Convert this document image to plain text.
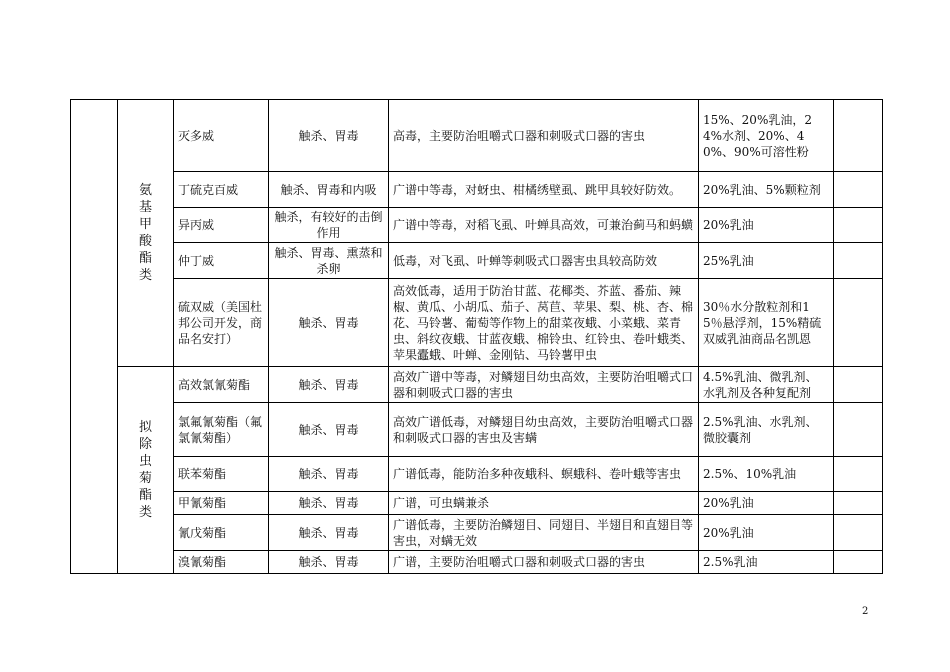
	氨基甲酸酯类	灭多威	触杀、胃毒	高毒，主要防治咀嚼式口器和刺吸式口器的害虫	15%、20%乳油，24%水剂、20%、40%、90%可溶性粉	
		丁硫克百威	触杀、胃毒和内吸	广谱中等毒，对蚜虫、柑橘绣壁虱、跳甲具较好防效。	20%乳油、5%颗粒剂	
		异丙威	触杀，有较好的击倒作用	广谱中等毒，对稻飞虱、叶蝉具高效，可兼治蓟马和蚂蟥	20%乳油	
		仲丁威	触杀、胃毒、熏蒸和杀卵	低毒，对飞虱、叶蝉等刺吸式口器害虫具较高防效	25%乳油	
		硫双威（美国杜邦公司开发，商品名安打）	触杀、胃毒	高效低毒，适用于防治甘蓝、花椰类、芥蓝、番茄、辣椒、黄瓜、小胡瓜、茄子、莴苣、苹果、梨、桃、杏、棉花、马铃薯、葡萄等作物上的甜菜夜蛾、小菜蛾、菜青虫、斜纹夜蛾、甘蓝夜蛾、棉铃虫、红铃虫、卷叶蛾类、苹果蠹蛾、叶蝉、金刚钻、马铃薯甲虫	30％水分散粒剂和15％悬浮剂，15%精硫双威乳油商品名凯恩	
	拟除虫菊酯类	高效氯氰菊酯	触杀、胃毒	高效广谱中等毒，对鳞翅目幼虫高效，主要防治咀嚼式口器和刺吸式口器的害虫	4.5%乳油、微乳剂、水乳剂及各种复配剂	
		氯氟氰菊酯（氟氯氰菊酯）	触杀、胃毒	高效广谱低毒，对鳞翅目幼虫高效，主要防治咀嚼式口器和刺吸式口器的害虫及害螨	2.5%乳油、水乳剂、微胶囊剂	
		联苯菊酯	触杀、胃毒	广谱低毒，能防治多种夜蛾科、螟蛾科、卷叶蛾等害虫	2.5%、10%乳油	
		甲氰菊酯	触杀、胃毒	广谱，可虫螨兼杀	20%乳油	
		氰戊菊酯	触杀、胃毒	广谱低毒，主要防治鳞翅目、同翅目、半翅目和直翅目等害虫，对螨无效	20%乳油	
		溴氰菊酯	触杀、胃毒	广谱，主要防治咀嚼式口器和刺吸式口器的害虫	2.5%乳油	
2
